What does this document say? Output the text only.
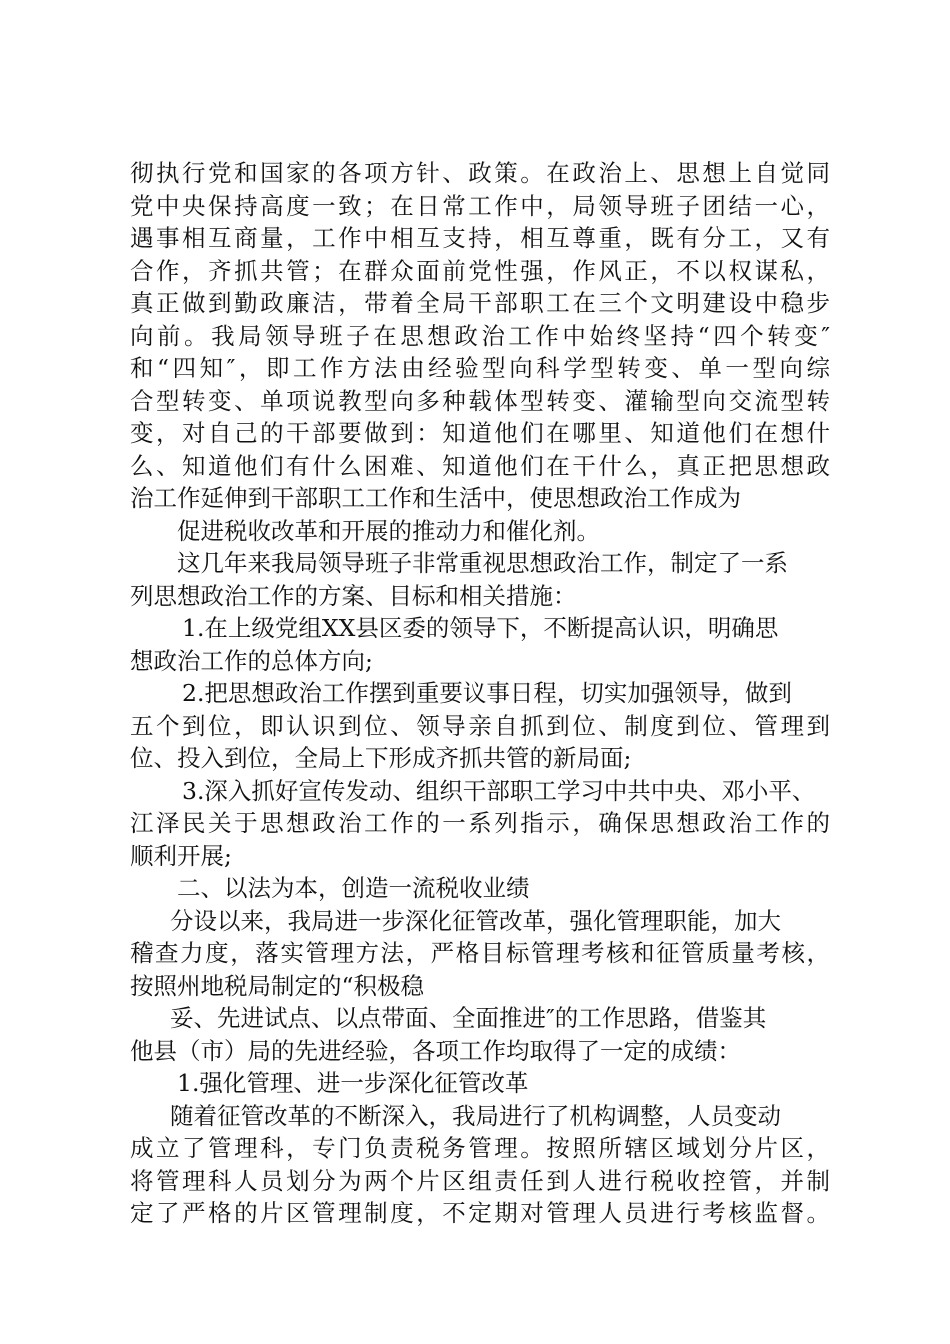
彻执行党和国家的各项方针、政策。在政治上、思想上自觉同
党中央保持高度一致；在日常工作中，局领导班子团结一心，
遇事相互商量，工作中相互支持，相互尊重，既有分工，又有
合作，齐抓共管；在群众面前党性强，作风正，不以权谋私，
真正做到勤政廉洁，带着全局干部职工在三个文明建设中稳步
向前。我局领导班子在思想政治工作中始终坚持“四个转变″
和“四知″，即工作方法由经验型向科学型转变、单一型向综
合型转变、单项说教型向多种载体型转变、灌输型向交流型转
变，对自己的干部要做到：知道他们在哪里、知道他们在想什
么、知道他们有什么困难、知道他们在干什么，真正把思想政
治工作延伸到干部职工工作和生活中，使思想政治工作成为
促进税收改革和开展的推动力和催化剂。
这几年来我局领导班子非常重视思想政治工作，制定了一系
列思想政治工作的方案、目标和相关措施：
1.在上级党组XX县区委的领导下，不断提高认识，明确思
想政治工作的总体方向;
2.把思想政治工作摆到重要议事日程，切实加强领导，做到
五个到位，即认识到位、领导亲自抓到位、制度到位、管理到
位、投入到位，全局上下形成齐抓共管的新局面;
3.深入抓好宣传发动、组织干部职工学习中共中央、邓小平、
江泽民关于思想政治工作的一系列指示，确保思想政治工作的
顺利开展;
二、以法为本，创造一流税收业绩
分设以来，我局进一步深化征管改革，强化管理职能，加大
稽查力度，落实管理方法，严格目标管理考核和征管质量考核，
按照州地税局制定的“积极稳
妥、先进试点、以点带面、全面推进″的工作思路，借鉴其
他县（市）局的先进经验，各项工作均取得了一定的成绩：
1.强化管理、进一步深化征管改革
随着征管改革的不断深入，我局进行了机构调整，人员变动
成立了管理科，专门负责税务管理。按照所辖区域划分片区，
将管理科人员划分为两个片区组责任到人进行税收控管，并制
定了严格的片区管理制度，不定期对管理人员进行考核监督。
